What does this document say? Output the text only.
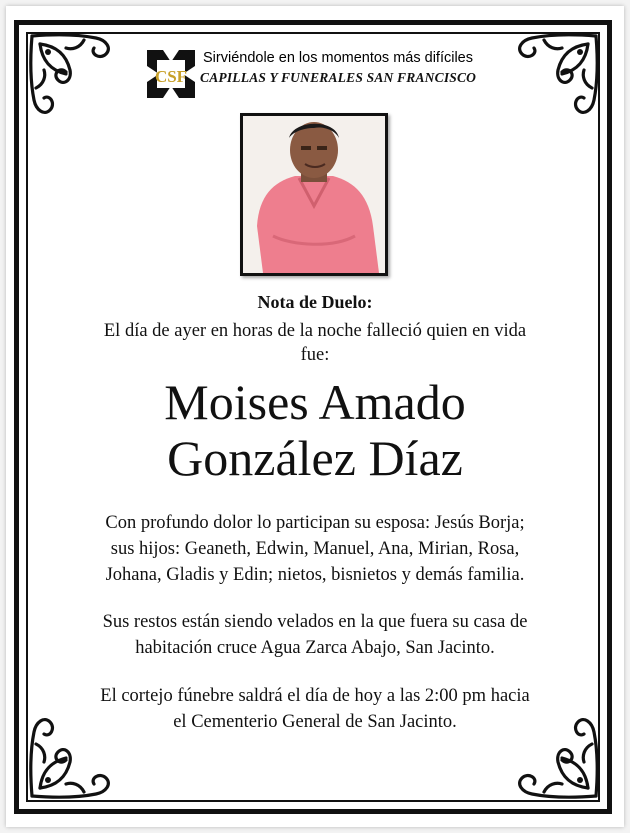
CSF
Sirviéndole en los momentos más difíciles
CAPILLAS Y FUNERALES SAN FRANCISCO
Nota de Duelo:
El día de ayer en horas de la noche falleció quien en vida
fue:
Moises Amado
González Díaz
Con profundo dolor lo participan su esposa: Jesús Borja;
sus hijos: Geaneth, Edwin, Manuel, Ana, Mirian, Rosa,
Johana, Gladis y Edin; nietos, bisnietos y demás familia.
Sus restos están siendo velados en la que fuera su casa de
habitación cruce Agua Zarca Abajo, San Jacinto.
El cortejo fúnebre saldrá el día de hoy a las 2:00 pm hacia
el Cementerio General de San Jacinto.
